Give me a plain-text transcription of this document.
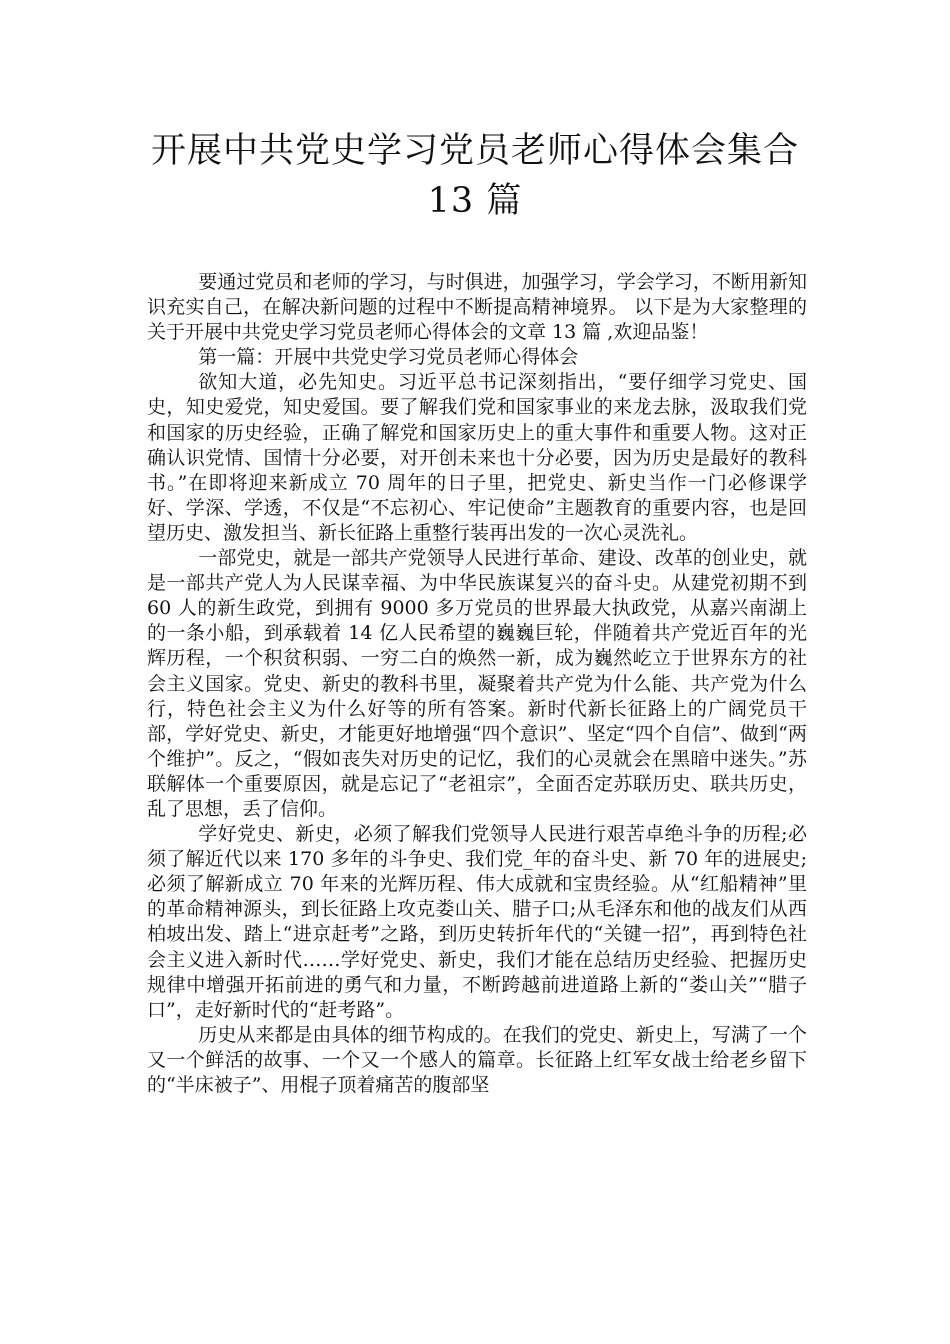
开展中共党史学习党员老师心得体会集合
13 篇

要通过党员和老师的学习，与时俱进，加强学习，学会学习，不断用新知识充实自己，在解决新问题的过程中不断提高精神境界。 以下是为大家整理的关于开展中共党史学习党员老师心得体会的文章 13 篇 ,欢迎品鉴！

第一篇：开展中共党史学习党员老师心得体会

欲知大道，必先知史。习近平总书记深刻指出，“要仔细学习党史、国史，知史爱党，知史爱国。要了解我们党和国家事业的来龙去脉，汲取我们党和国家的历史经验，正确了解党和国家历史上的重大事件和重要人物。这对正确认识党情、国情十分必要，对开创未来也十分必要，因为历史是最好的教科书。”在即将迎来新成立 70 周年的日子里，把党史、新史当作一门必修课学好、学深、学透，不仅是“不忘初心、牢记使命”主题教育的重要内容，也是回望历史、激发担当、新长征路上重整行装再出发的一次心灵洗礼。

一部党史，就是一部共产党领导人民进行革命、建设、改革的创业史，就是一部共产党人为人民谋幸福、为中华民族谋复兴的奋斗史。从建党初期不到 60 人的新生政党，到拥有 9000 多万党员的世界最大执政党，从嘉兴南湖上的一条小船，到承载着 14 亿人民希望的巍巍巨轮，伴随着共产党近百年的光辉历程，一个积贫积弱、一穷二白的焕然一新，成为巍然屹立于世界东方的社会主义国家。党史、新史的教科书里，凝聚着共产党为什么能、共产党为什么行，特色社会主义为什么好等的所有答案。新时代新长征路上的广阔党员干部，学好党史、新史，才能更好地增强“四个意识”、坚定“四个自信”、做到“两个维护”。反之，“假如丧失对历史的记忆，我们的心灵就会在黑暗中迷失。”苏联解体一个重要原因，就是忘记了“老祖宗”，全面否定苏联历史、联共历史，乱了思想，丢了信仰。

学好党史、新史，必须了解我们党领导人民进行艰苦卓绝斗争的历程;必须了解近代以来 170 多年的斗争史、我们党_年的奋斗史、新 70 年的进展史;必须了解新成立 70 年来的光辉历程、伟大成就和宝贵经验。从“红船精神”里的革命精神源头，到长征路上攻克娄山关、腊子口;从毛泽东和他的战友们从西柏坡出发、踏上“进京赶考”之路，到历史转折年代的“关键一招”，再到特色社会主义进入新时代……学好党史、新史，我们才能在总结历史经验、把握历史规律中增强开拓前进的勇气和力量，不断跨越前进道路上新的“娄山关”“腊子口”，走好新时代的“赶考路”。

历史从来都是由具体的细节构成的。在我们的党史、新史上，写满了一个又一个鲜活的故事、一个又一个感人的篇章。长征路上红军女战士给老乡留下的“半床被子”、用棍子顶着痛苦的腹部坚
